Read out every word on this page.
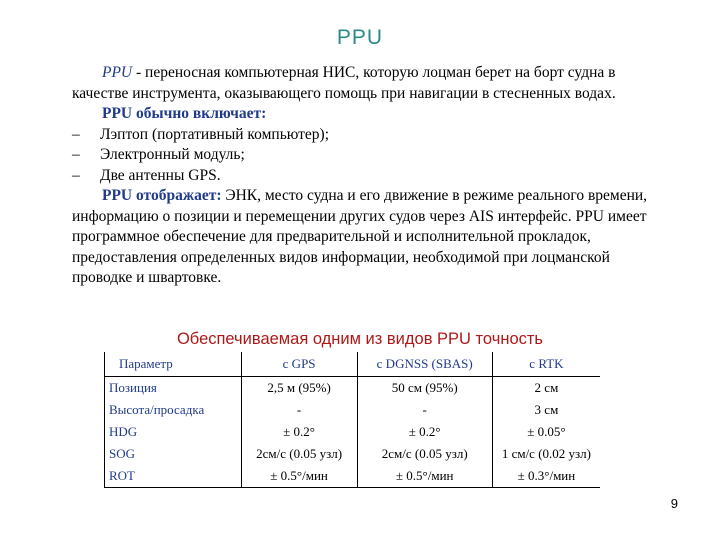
PPU

PPU - переносная компьютерная НИС, которую лоцман берет на борт судна в качестве инструмента, оказывающего помощь при навигации в стесненных водах.

PPU обычно включает:

–	Лэптоп (портативный компьютер);
–	Электронный модуль;
–	Две антенны GPS.

PPU отображает: ЭНК, место судна и его движение в режиме реального времени, информацию о позиции и перемещении других судов через AIS интерфейс. PPU имеет программное обеспечение для предварительной и исполнительной прокладок, предоставления определенных видов информации, необходимой при лоцманской проводке и швартовке.

Обеспечиваемая одним из видов PPU точность
Параметр	c GPS	c DGNSS (SBAS)	c RTK
Позиция	2,5 м (95%)	50 см (95%)	2 см
Высота/просадка	-	-	3 см
HDG	± 0.2°	± 0.2°	± 0.05°
SOG	2см/с (0.05 узл)	2см/с (0.05 узл)	1 см/с (0.02 узл)
ROT	± 0.5°/мин	± 0.5°/мин	± 0.3°/мин
9
